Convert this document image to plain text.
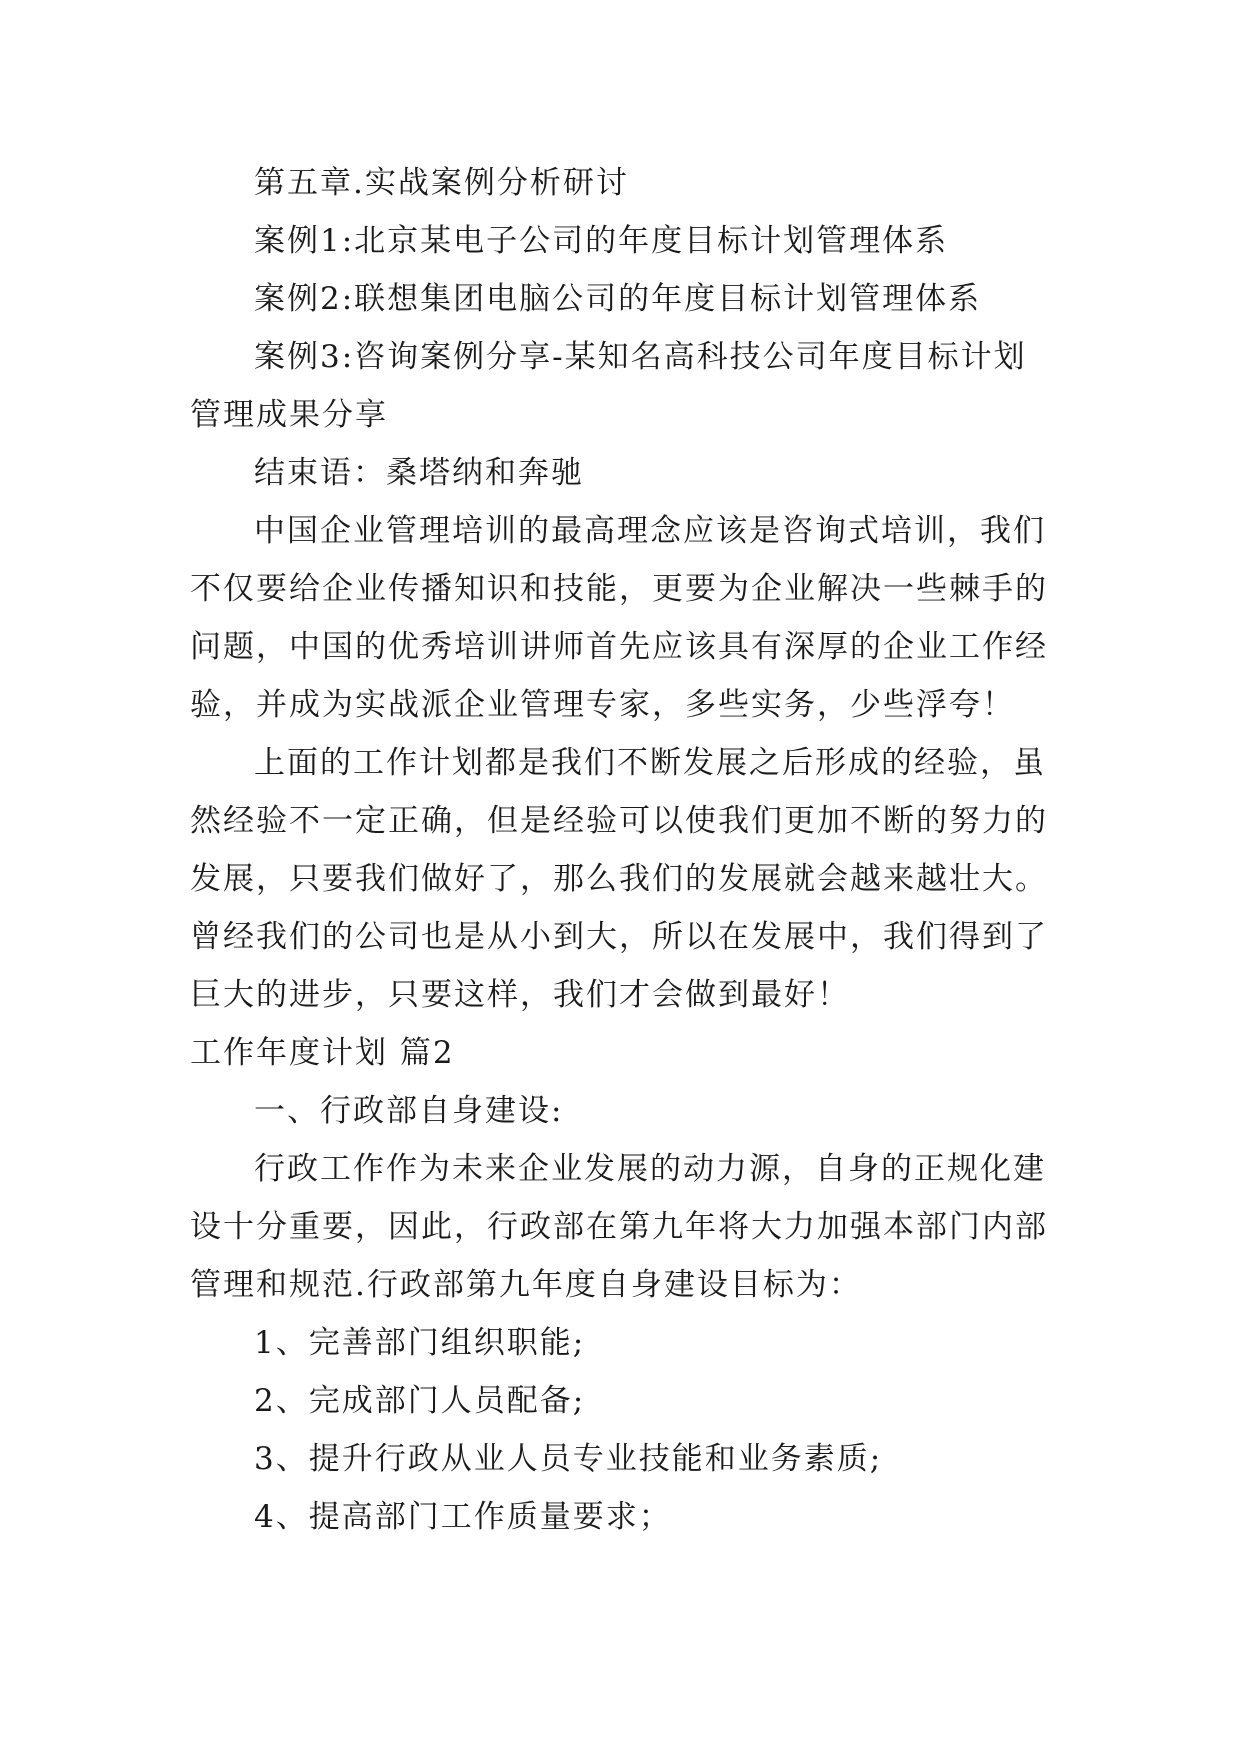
第五章.实战案例分析研讨
案例1:北京某电子公司的年度目标计划管理体系
案例2:联想集团电脑公司的年度目标计划管理体系
案例3:咨询案例分享-某知名高科技公司年度目标计划
管理成果分享
结束语：桑塔纳和奔驰
中国企业管理培训的最高理念应该是咨询式培训，我们
不仅要给企业传播知识和技能，更要为企业解决一些棘手的
问题，中国的优秀培训讲师首先应该具有深厚的企业工作经
验，并成为实战派企业管理专家，多些实务，少些浮夸！
上面的工作计划都是我们不断发展之后形成的经验，虽
然经验不一定正确，但是经验可以使我们更加不断的努力的
发展，只要我们做好了，那么我们的发展就会越来越壮大。
曾经我们的公司也是从小到大，所以在发展中，我们得到了
巨大的进步，只要这样，我们才会做到最好！
工作年度计划 篇2
一、行政部自身建设:
行政工作作为未来企业发展的动力源，自身的正规化建
设十分重要，因此，行政部在第九年将大力加强本部门内部
管理和规范.行政部第九年度自身建设目标为：
1、完善部门组织职能;
2、完成部门人员配备;
3、提升行政从业人员专业技能和业务素质;
4、提高部门工作质量要求；
